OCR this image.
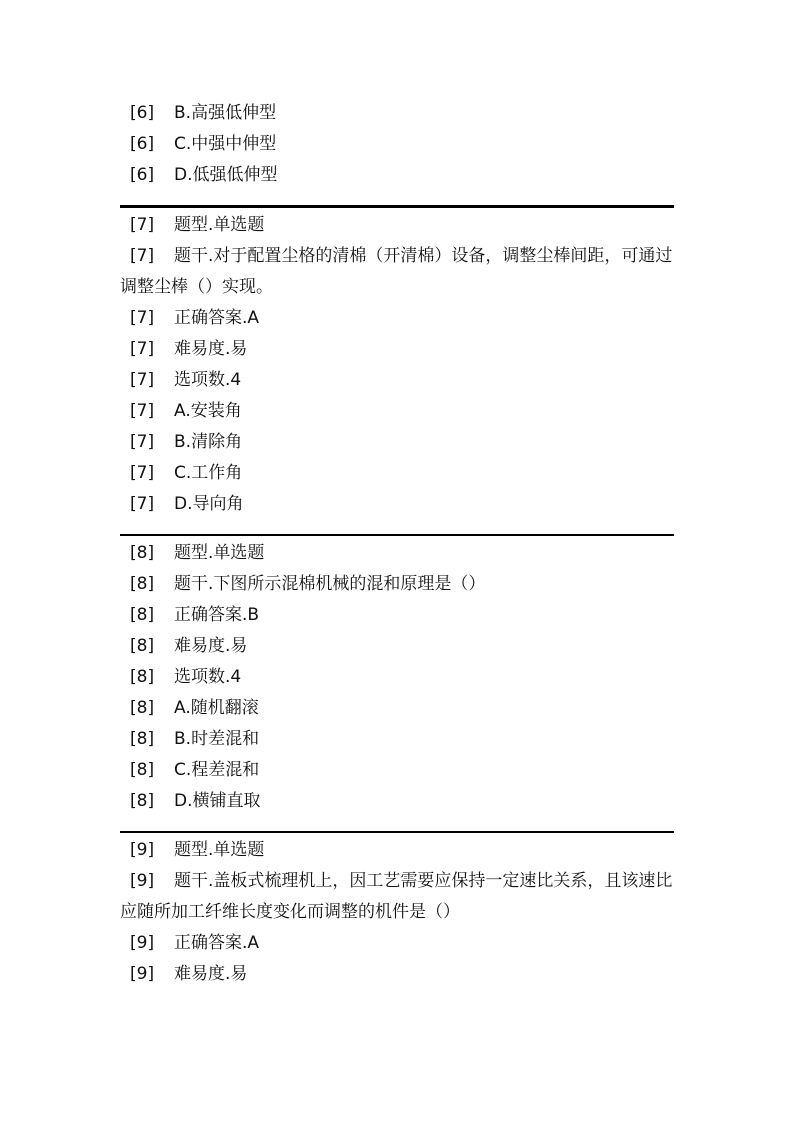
[6] B.高强低伸型
[6] C.中强中伸型
[6] D.低强低伸型
[7] 题型.单选题
[7] 题干.对于配置尘格的清棉（开清棉）设备，调整尘棒间距，可通过调整尘棒（）实现。
[7] 正确答案.A
[7] 难易度.易
[7] 选项数.4
[7] A.安装角
[7] B.清除角
[7] C.工作角
[7] D.导向角
[8] 题型.单选题
[8] 题干.下图所示混棉机械的混和原理是（）
[8] 正确答案.B
[8] 难易度.易
[8] 选项数.4
[8] A.随机翻滚
[8] B.时差混和
[8] C.程差混和
[8] D.横铺直取
[9] 题型.单选题
[9] 题干.盖板式梳理机上，因工艺需要应保持一定速比关系，且该速比应随所加工纤维长度变化而调整的机件是（）
[9] 正确答案.A
[9] 难易度.易
